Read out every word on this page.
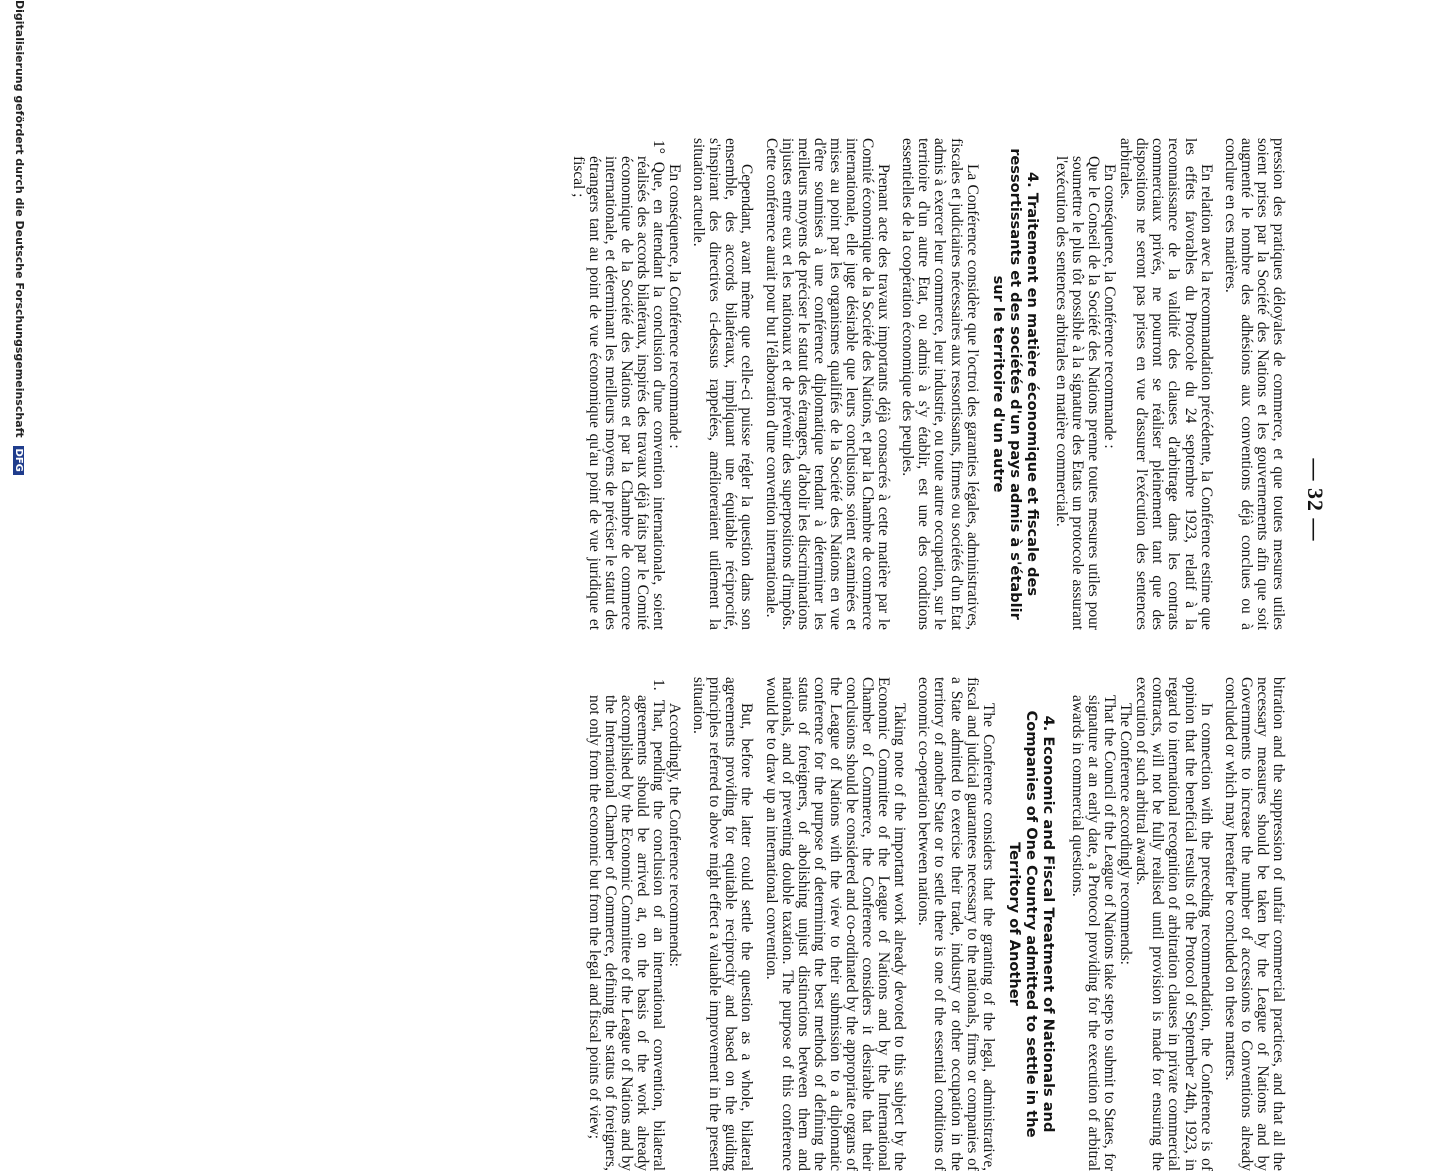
— 32 —

pression des pratiques déloyales de commerce, et que toutes mesures utiles soient prises par la Société des Nations et les gouvernements afin que soit augmenté le nombre des adhésions aux conventions déjà conclues ou à conclure en ces matières.

En relation avec la recommandation précédente, la Conférence estime que les effets favorables du Protocole du 24 septembre 1923, relatif à la reconnaissance de la validité des clauses d'arbitrage dans les contrats commerciaux privés, ne pourront se réaliser pleinement tant que des dispositions ne seront pas prises en vue d'assurer l'exécution des sentences arbitrales.

En conséquence, la Conférence recommande :

Que le Conseil de la Société des Nations prenne toutes mesures utiles pour soumettre le plus tôt possible à la signature des Etats un protocole assurant l'exécution des sentences arbitrales en matière commerciale.

4. Traitement en matière économique et fiscale des ressortissants et des sociétés d'un pays admis à s'établir sur le territoire d'un autre

La Conférence considère que l'octroi des garanties légales, administratives, fiscales et judiciaires nécessaires aux ressortissants, firmes ou sociétés d'un Etat admis à exercer leur commerce, leur industrie, ou toute autre occupation, sur le territoire d'un autre Etat, ou admis à s'y établir, est une des conditions essentielles de la coopération économique des peuples.

Prenant acte des travaux importants déjà consacrés à cette matière par le Comité économique de la Société des Nations, et par la Chambre de commerce internationale, elle juge désirable que leurs conclusions soient examinées et mises au point par les organismes qualifiés de la Société des Nations en vue d'être soumises à une conférence diplomatique tendant à déterminer les meilleurs moyens de préciser le statut des étrangers, d'abolir les discriminations injustes entre eux et les nationaux et de prévenir des superpositions d'impôts. Cette conférence aurait pour but l'élaboration d'une convention internationale.

Cependant, avant même que celle-ci puisse régler la question dans son ensemble, des accords bilatéraux, impliquant une équitable réciprocité, s'inspirant des directives ci-dessus rappelées, amélioreraient utilement la situation actuelle.

En conséquence, la Conférence recommande :

1° Que, en attendant la conclusion d'une convention internationale, soient réalisés des accords bilatéraux, inspirés des travaux déjà faits par le Comité économique de la Société des Nations et par la Chambre de commerce internationale, et déterminant les meilleurs moyens de préciser le statut des étrangers tant au point de vue économique qu'au point de vue juridique et fiscal ;

bitration and the suppression of unfair commercial practices, and that all the necessary measures should be taken by the League of Nations and by Governments to increase the number of accessions to Conventions already concluded or which may hereafter be concluded on these matters.

In connection with the preceding recommendation, the Conference is of opinion that the beneficial results of the Protocol of September 24th, 1923, in regard to international recognition of arbitration clauses in private commercial contracts, will not be fully realised until provision is made for ensuring the execution of such arbitral awards.

The Conference accordingly recommends:

That the Council of the League of Nations take steps to submit to States, for signature at an early date, a Protocol providing for the execution of arbitral awards in commercial questions.

4. Economic and Fiscal Treatment of Nationals and Companies of One Country admitted to settle in the Territory of Another

The Conference considers that the granting of the legal, administrative, fiscal and judicial guarantees necessary to the nationals, firms or companies of a State admitted to exercise their trade, industry or other occupation in the territory of another State or to settle there is one of the essential conditions of economic co-operation between nations.

Taking note of the important work already devoted to this subject by the Economic Committee of the League of Nations and by the International Chamber of Commerce, the Conference considers it desirable that their conclusions should be considered and co-ordinated by the appropriate organs of the League of Nations with the view to their submission to a diplomatic conference for the purpose of determining the best methods of defining the status of foreigners, of abolishing unjust distinctions between them and nationals, and of preventing double taxation. The purpose of this conference would be to draw up an international convention.

But, before the latter could settle the question as a whole, bilateral agreements providing for equitable reciprocity and based on the guiding principles referred to above might effect a valuable improvement in the present situation.

Accordingly, the Conference recommends:

1. That, pending the conclusion of an international convention, bilateral agreements should be arrived at, on the basis of the work already accomplished by the Economic Committee of the League of Nations and by the International Chamber of Commerce, defining the status of foreigners, not only from the economic but from the legal and fiscal points of view;

Digitalisierung gefördert durch die Deutsche Forschungsgemeinschaft DFG
